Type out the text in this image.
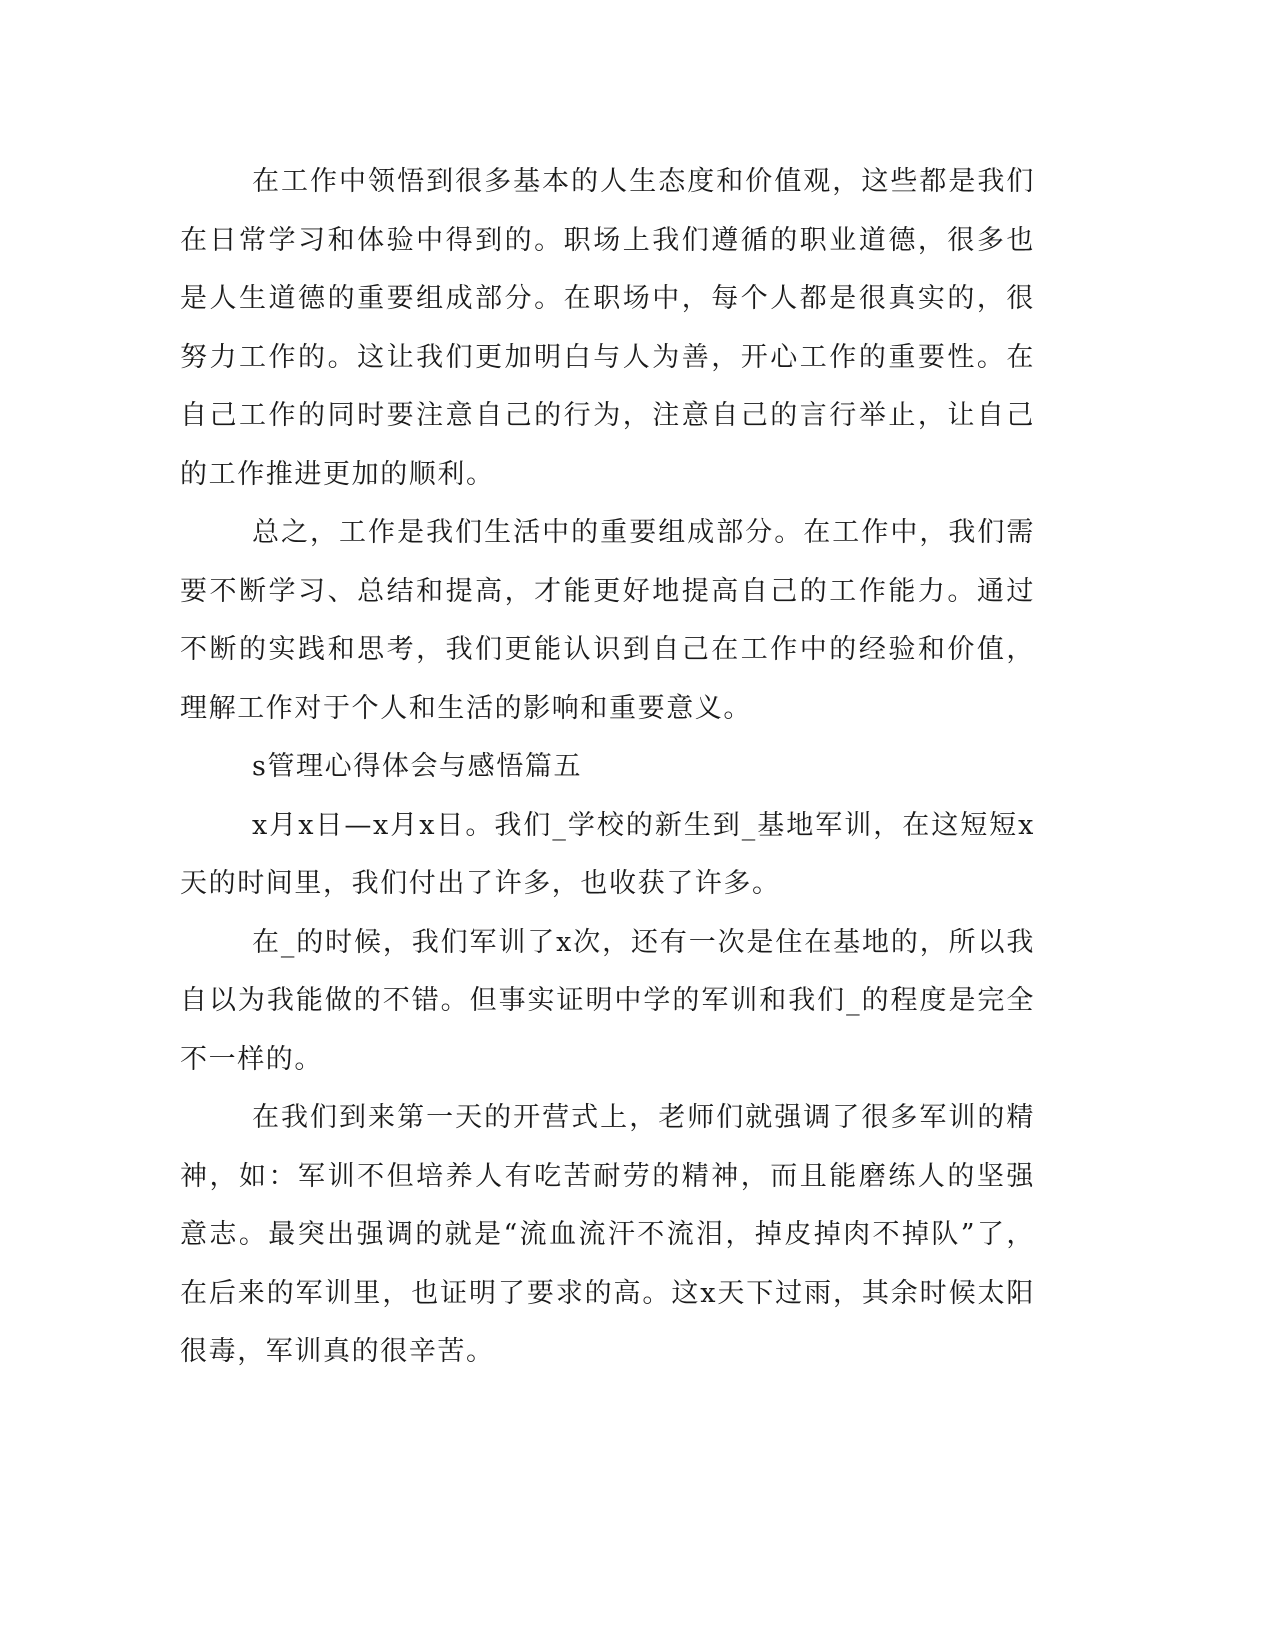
在工作中领悟到很多基本的人生态度和价值观，这些都是我们在日常学习和体验中得到的。职场上我们遵循的职业道德，很多也是人生道德的重要组成部分。在职场中，每个人都是很真实的，很努力工作的。这让我们更加明白与人为善，开心工作的重要性。在自己工作的同时要注意自己的行为，注意自己的言行举止，让自己的工作推进更加的顺利。

总之，工作是我们生活中的重要组成部分。在工作中，我们需要不断学习、总结和提高，才能更好地提高自己的工作能力。通过不断的实践和思考，我们更能认识到自己在工作中的经验和价值，理解工作对于个人和生活的影响和重要意义。

s管理心得体会与感悟篇五

x月x日—x月x日。我们_学校的新生到_基地军训，在这短短x天的时间里，我们付出了许多，也收获了许多。

在_的时候，我们军训了x次，还有一次是住在基地的，所以我自以为我能做的不错。但事实证明中学的军训和我们_的程度是完全不一样的。

在我们到来第一天的开营式上，老师们就强调了很多军训的精神，如：军训不但培养人有吃苦耐劳的精神，而且能磨练人的坚强意志。最突出强调的就是“流血流汗不流泪，掉皮掉肉不掉队”了，在后来的军训里，也证明了要求的高。这x天下过雨，其余时候太阳很毒，军训真的很辛苦。
